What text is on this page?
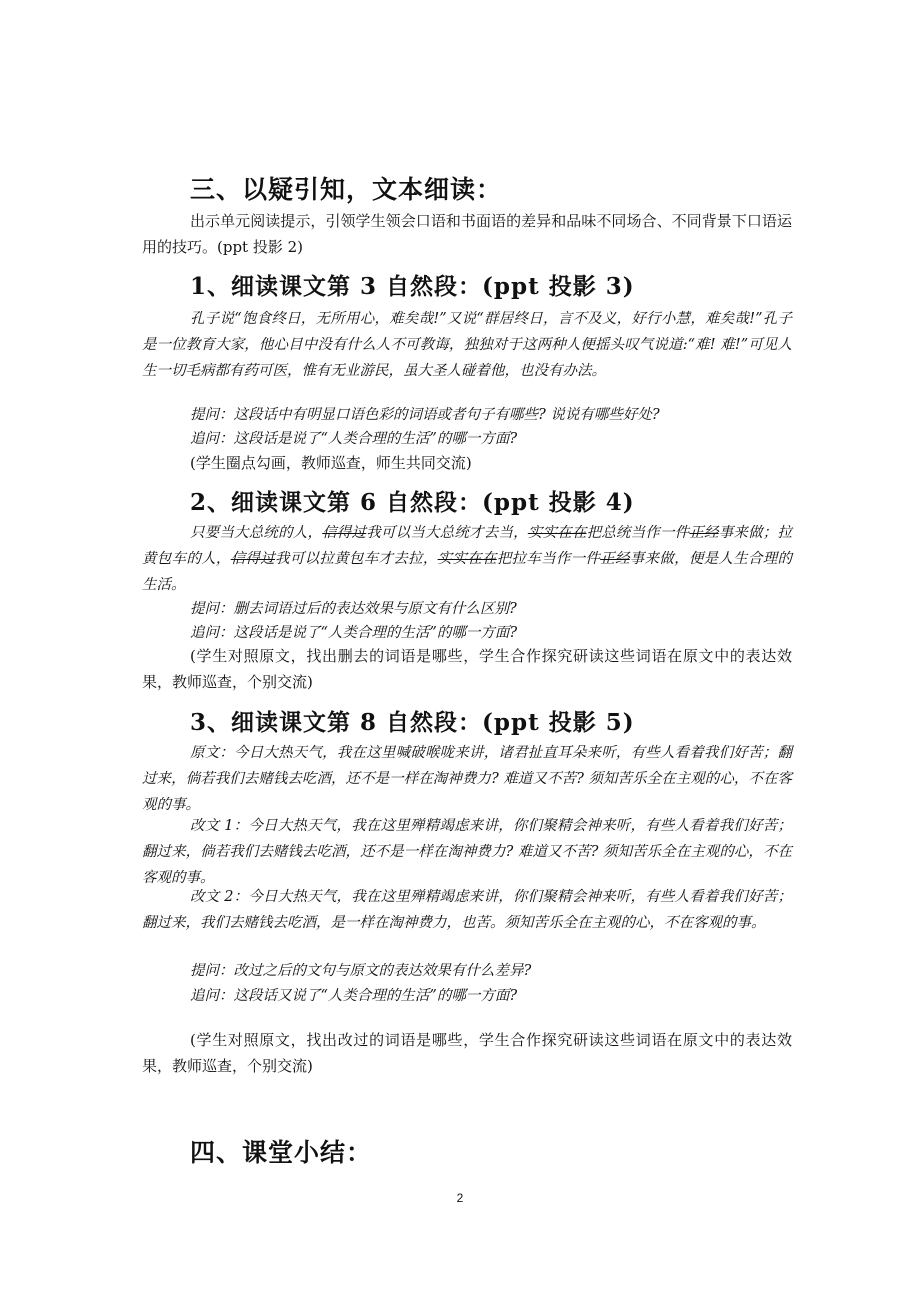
三、以疑引知，文本细读：
出示单元阅读提示，引领学生领会口语和书面语的差异和品味不同场合、不同背景下口语运用的技巧。(ppt 投影 2)
1、细读课文第 3 自然段：(ppt 投影 3)
孔子说“饱食终日，无所用心，难矣哉!”又说“群居终日，言不及义，好行小慧，难矣哉!”孔子是一位教育大家，他心目中没有什么人不可教诲，独独对于这两种人便摇头叹气说道:“难! 难!”可见人生一切毛病都有药可医，惟有无业游民，虽大圣人碰着他，也没有办法。
提问：这段话中有明显口语色彩的词语或者句子有哪些? 说说有哪些好处?
追问：这段话是说了“人类合理的生活”的哪一方面?
(学生圈点勾画，教师巡查，师生共同交流)
2、细读课文第 6 自然段：(ppt 投影 4)
只要当大总统的人，信得过我可以当大总统才去当，实实在在把总统当作一件正经事来做；拉黄包车的人，信得过我可以拉黄包车才去拉，实实在在把拉车当作一件正经事来做，便是人生合理的生活。
提问：删去词语过后的表达效果与原文有什么区别?
追问：这段话是说了“人类合理的生活”的哪一方面?
(学生对照原文，找出删去的词语是哪些，学生合作探究研读这些词语在原文中的表达效果，教师巡查，个别交流)
3、细读课文第 8 自然段：(ppt 投影 5)
原文：今日大热天气，我在这里喊破喉咙来讲，诸君扯直耳朵来听，有些人看着我们好苦；翻过来，倘若我们去赌钱去吃酒，还不是一样在淘神费力? 难道又不苦? 须知苦乐全在主观的心，不在客观的事。
改文 1：今日大热天气，我在这里殚精竭虑来讲，你们聚精会神来听，有些人看着我们好苦；翻过来，倘若我们去赌钱去吃酒，还不是一样在淘神费力? 难道又不苦? 须知苦乐全在主观的心，不在客观的事。
改文 2：今日大热天气，我在这里殚精竭虑来讲，你们聚精会神来听，有些人看着我们好苦；翻过来，我们去赌钱去吃酒，是一样在淘神费力，也苦。须知苦乐全在主观的心，不在客观的事。
提问：改过之后的文句与原文的表达效果有什么差异?
追问：这段话又说了“人类合理的生活”的哪一方面?
(学生对照原文，找出改过的词语是哪些，学生合作探究研读这些词语在原文中的表达效果，教师巡查，个别交流)
四、课堂小结：
2
